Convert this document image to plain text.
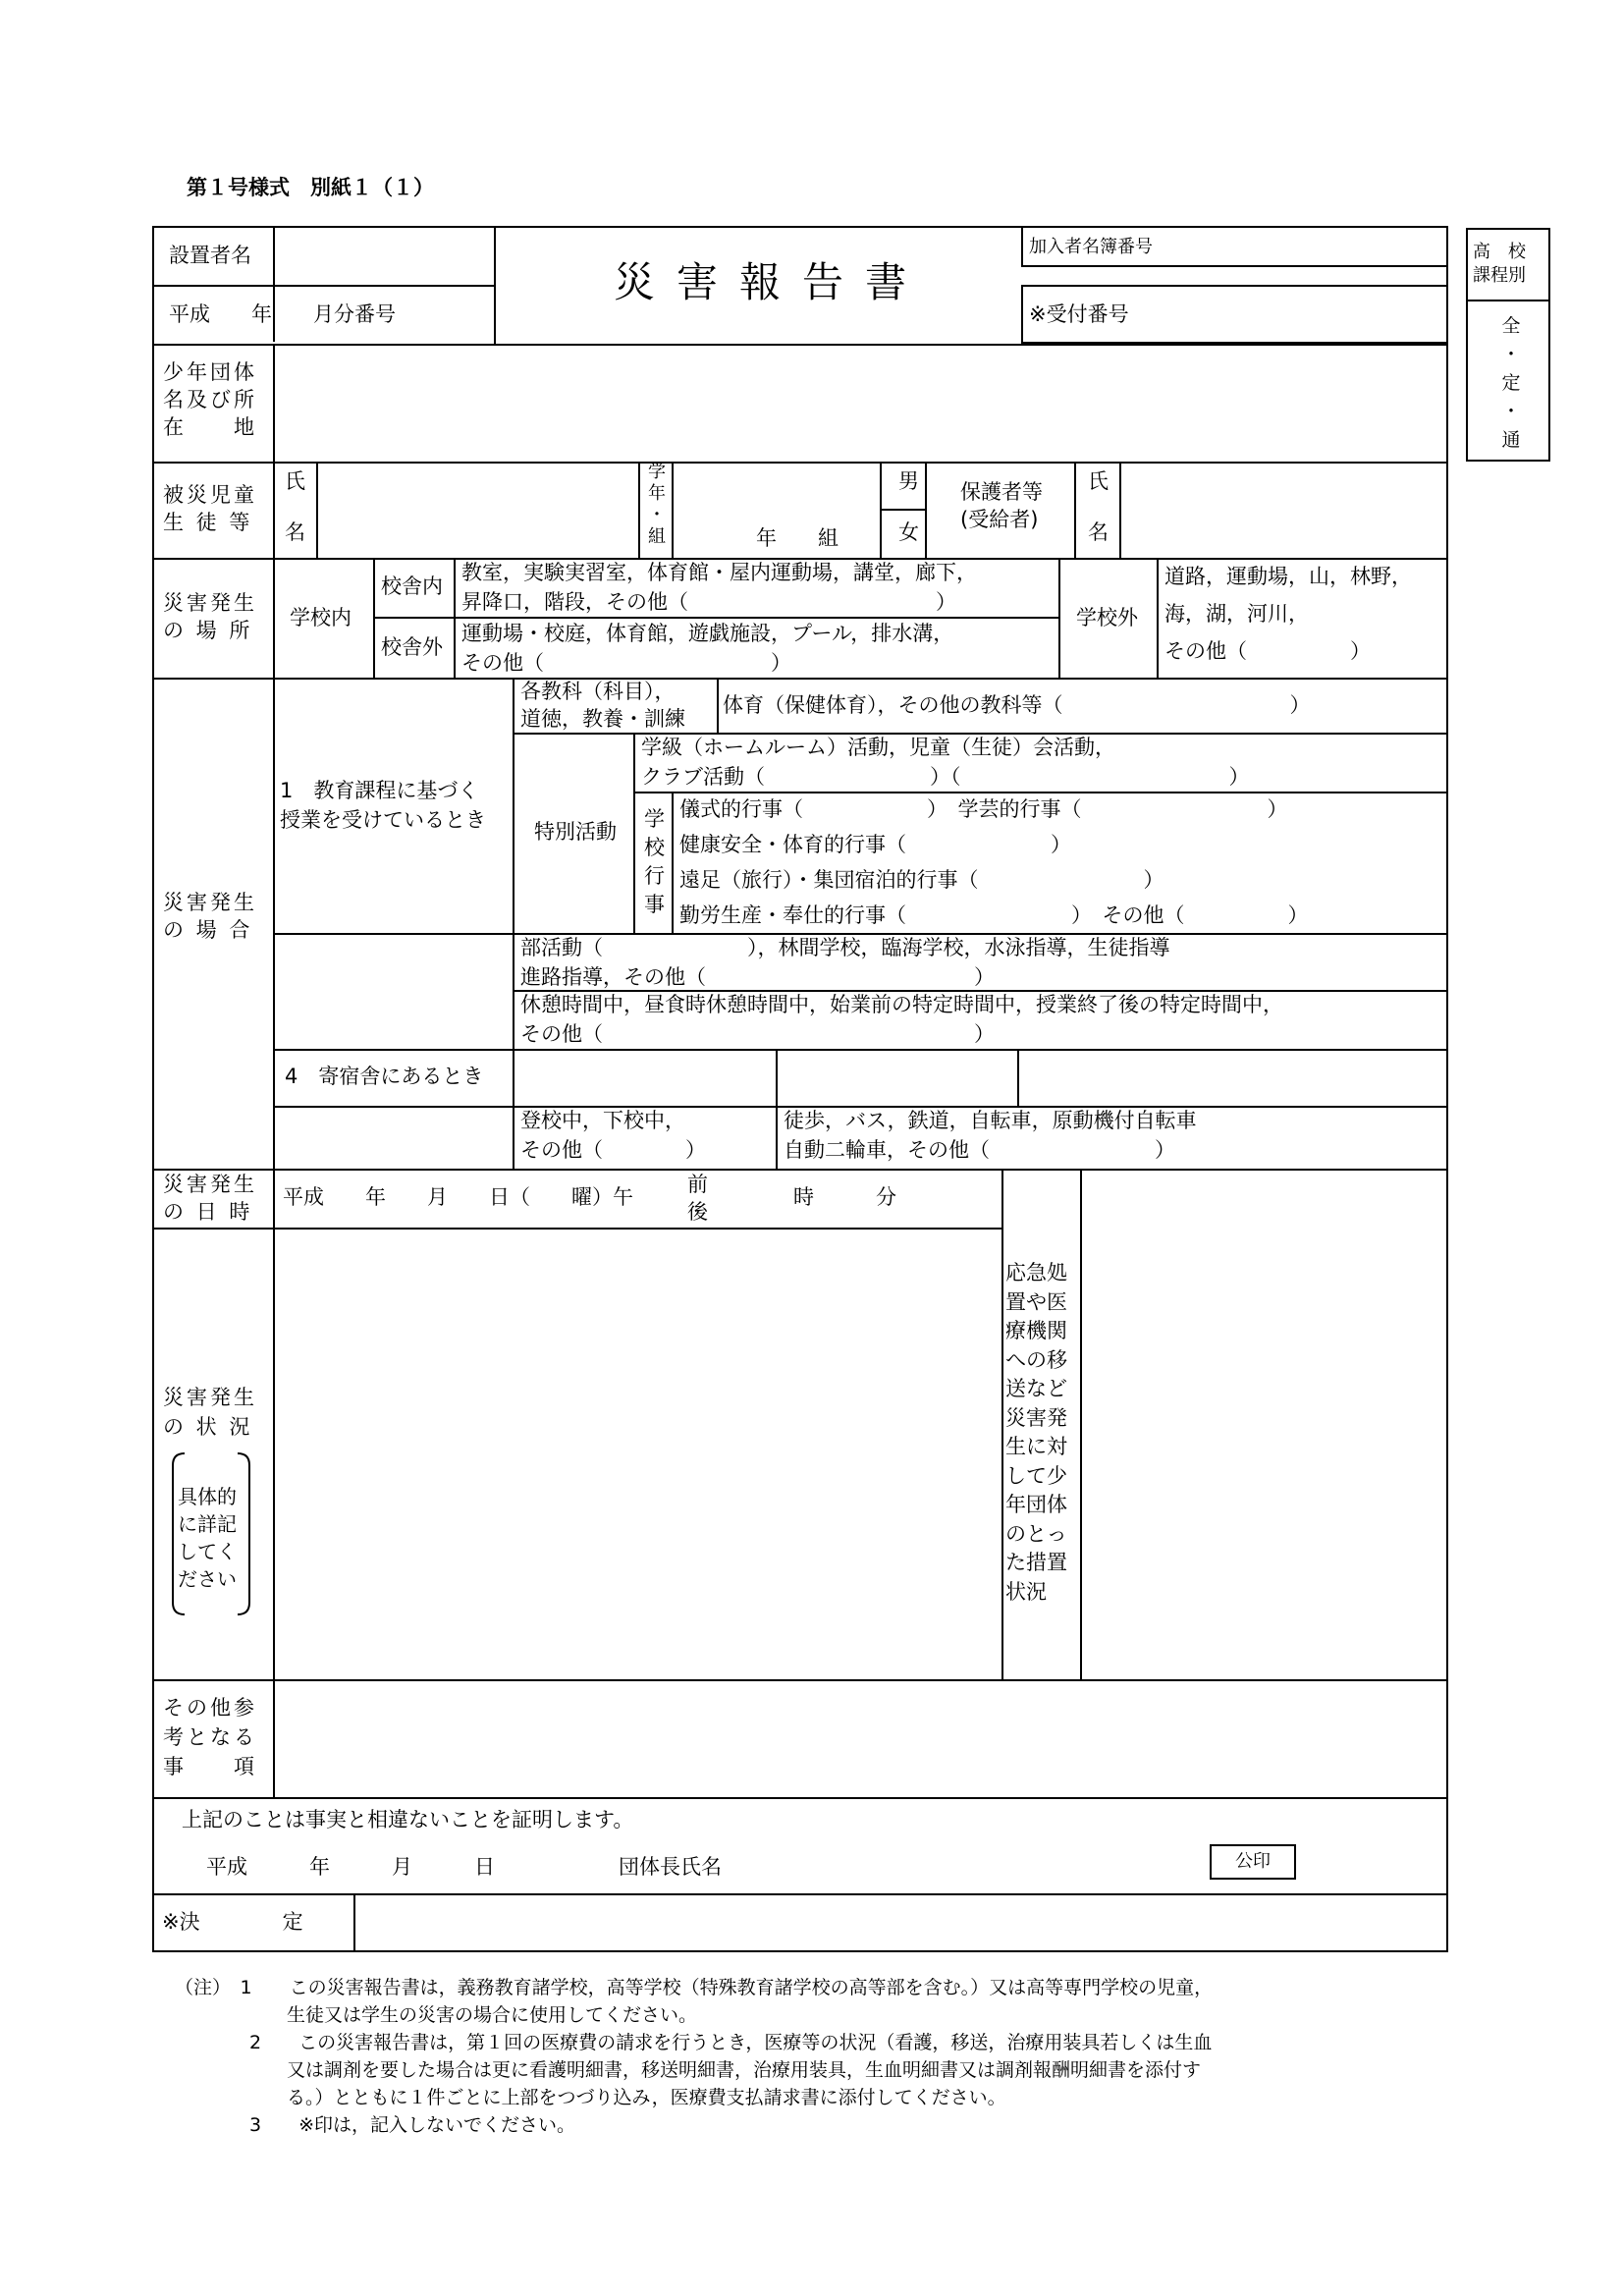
第１号様式　別紙１（１）
設置者名
平成　　年　　月分番号
災害報告書
加入者名簿番号
※受付番号
高　校
課程別
全
・
定
・
通
少年団体
名及び所
在　　地
被災児童
生 徒 等
氏
名
学
年
・
組	年　　組
男
女
保護者等
(受給者)
氏
名
災害発生
の 場 所
学校内
校舎内
校舎外
教室，実験実習室，体育館・屋内運動場，講堂，廊下，
昇降口，階段，その他（　　　　　　　　　　　　）
運動場・校庭，体育館，遊戯施設，プール，排水溝，
その他（　　　　　　　　　　　）
学校外
道路，運動場，山，林野，
海，湖，河川，
その他（　　　　　）
災害発生
の 場 合
1　教育課程に基づく
授業を受けているとき
各教科（科目），
道徳，教養・訓練
体育（保健体育），その他の教科等（　　　　　　　　　　　）
特別活動
学級（ホームルーム）活動，児童（生徒）会活動，
クラブ活動（　　　　　　　　）（　　　　　　　　　　　　　）
学
校
行
事
儀式的行事（　　　　　　）　学芸的行事（　　　　　　　　　）
健康安全・体育的行事（　　　　　　　）
遠足（旅行）・集団宿泊的行事（　　　　　　　　）
勤労生産・奉仕的行事（　　　　　　　　）　その他（　　　　　）
部活動（　　　　　　　），林間学校，臨海学校，水泳指導，生徒指導
進路指導，その他（　　　　　　　　　　　　　）
休憩時間中，昼食時休憩時間中，始業前の特定時間中，授業終了後の特定時間中，
その他（　　　　　　　　　　　　　　　　　　）
4　寄宿舎にあるとき
登校中，下校中，
その他（　　　　）
徒歩，バス，鉄道，自転車，原動機付自転車
自動二輪車，その他（　　　　　　　　）
災害発生
の 日 時
平成　　年　　月　　日（　　曜）午
前
後
時　　　分
災害発生
の 状 況
具体的
に詳記
してく
ださい
応急処
置や医
療機関
への移
送など
災害発
生に対
して少
年団体
のとっ
た措置
状況
その他参
考となる
事　　項
上記のことは事実と相違ないことを証明します。
平成　　　年　　　月　　　日　　　　　　団体長氏名	公印
※決　　　　定
（注）　1　　この災害報告書は，義務教育諸学校，高等学校（特殊教育諸学校の高等部を含む。）又は高等専門学校の児童，
　　　　　　生徒又は学生の災害の場合に使用してください。
　　　　2　　この災害報告書は，第１回の医療費の請求を行うとき，医療等の状況（看護，移送，治療用装具若しくは生血
　　　　　　又は調剤を要した場合は更に看護明細書，移送明細書，治療用装具，生血明細書又は調剤報酬明細書を添付す
　　　　　　る。）とともに１件ごとに上部をつづり込み，医療費支払請求書に添付してください。
　　　　3　　※印は，記入しないでください。
